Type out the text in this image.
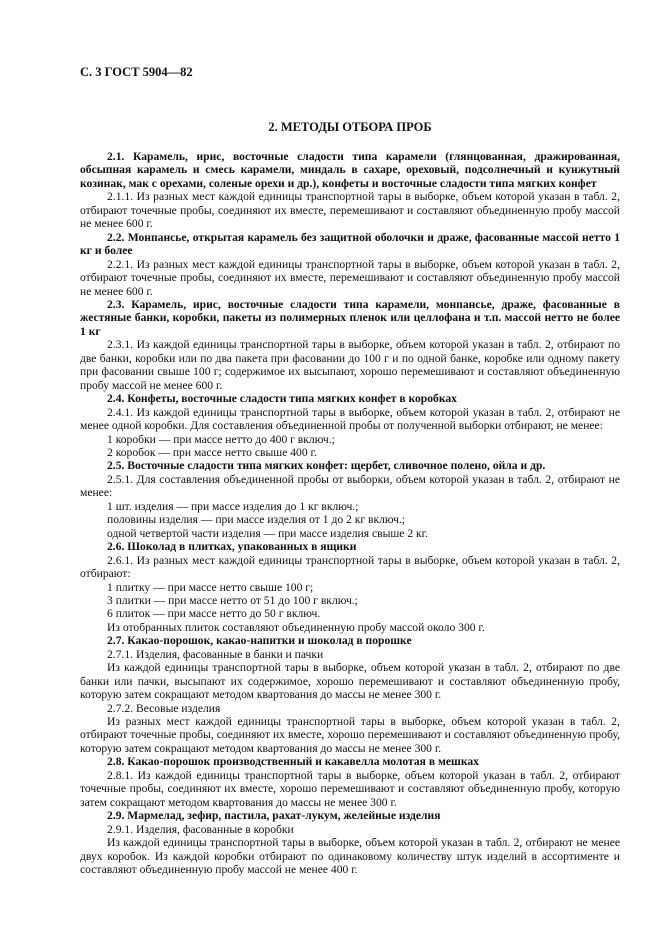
С. 3 ГОСТ 5904—82
2. МЕТОДЫ ОТБОРА ПРОБ

2.1. Карамель, ирис, восточные сладости типа карамели (глянцованная, дражированная, обсыпная карамель и смесь карамели, миндаль в сахаре, ореховый, подсолнечный и кунжутный козинак, мак с орехами, соленые орехи и др.), конфеты и восточные сладости типа мягких конфет

2.1.1. Из разных мест каждой единицы транспортной тары в выборке, объем которой указан в табл. 2, отбирают точечные пробы, соединяют их вместе, перемешивают и составляют объединенную пробу массой не менее 600 г.

2.2. Монпансье, открытая карамель без защитной оболочки и драже, фасованные массой нетто 1 кг и более

2.2.1. Из разных мест каждой единицы транспортной тары в выборке, объем которой указан в табл. 2, отбирают точечные пробы, соединяют их вместе, перемешивают и составляют объединенную пробу массой не менее 600 г.

2.3. Карамель, ирис, восточные сладости типа карамели, монпансье, драже, фасованные в жестяные банки, коробки, пакеты из полимерных пленок или целлофана и т.п. массой нетто не более 1 кг

2.3.1. Из каждой единицы транспортной тары в выборке, объем которой указан в табл. 2, отбирают по две банки, коробки или по два пакета при фасовании до 100 г и по одной банке, коробке или одному пакету при фасовании свыше 100 г; содержимое их высыпают, хорошо перемешивают и составляют объединенную пробу массой не менее 600 г.

2.4. Конфеты, восточные сладости типа мягких конфет в коробках

2.4.1. Из каждой единицы транспортной тары в выборке, объем которой указан в табл. 2, отбирают не менее одной коробки. Для составления объединенной пробы от полученной выборки отбирают, не менее:

1 коробки — при массе нетто до 400 г включ.;

2 коробок — при массе нетто свыше 400 г.

2.5. Восточные сладости типа мягких конфет: щербет, сливочное полено, ойла и др.

2.5.1. Для составления объединенной пробы от выборки, объем которой указан в табл. 2, отбирают не менее:

1 шт. изделия — при массе изделия до 1 кг включ.;

половины изделия — при массе изделия от 1 до 2 кг включ.;

одной четвертой части изделия — при массе изделия свыше 2 кг.

2.6. Шоколад в плитках, упакованных в ящики

2.6.1. Из разных мест каждой единицы транспортной тары в выборке, объем которой указан в табл. 2, отбирают:

1 плитку — при массе нетто свыше 100 г;

3 плитки — при массе нетто от 51 до 100 г включ.;

6 плиток — при массе нетто до 50 г включ.

Из отобранных плиток составляют объединенную пробу массой около 300 г.

2.7. Какао-порошок, какао-напитки и шоколад в порошке

2.7.1. Изделия, фасованные в банки и пачки

Из каждой единицы транспортной тары в выборке, объем которой указан в табл. 2, отбирают по две банки или пачки, высыпают их содержимое, хорошо перемешивают и составляют объединенную пробу, которую затем сокращают методом квартования до массы не менее 300 г.

2.7.2. Весовые изделия

Из разных мест каждой единицы транспортной тары в выборке, объем которой указан в табл. 2, отбирают точечные пробы, соединяют их вместе, хорошо перемешивают и составляют объединенную пробу, которую затем сокращают методом квартования до массы не менее 300 г.

2.8. Какао-порошок производственный и какавелла молотая в мешках

2.8.1. Из каждой единицы транспортной тары в выборке, объем которой указан в табл. 2, отбирают точечные пробы, соединяют их вместе, хорошо перемешивают и составляют объединенную пробу, которую затем сокращают методом квартования до массы не менее 300 г.

2.9. Мармелад, зефир, пастила, рахат-лукум, желейные изделия

2.9.1. Изделия, фасованные в коробки

Из каждой единицы транспортной тары в выборке, объем которой указан в табл. 2, отбирают не менее двух коробок. Из каждой коробки отбирают по одинаковому количеству штук изделий в ассортименте и составляют объединенную пробу массой не менее 400 г.
